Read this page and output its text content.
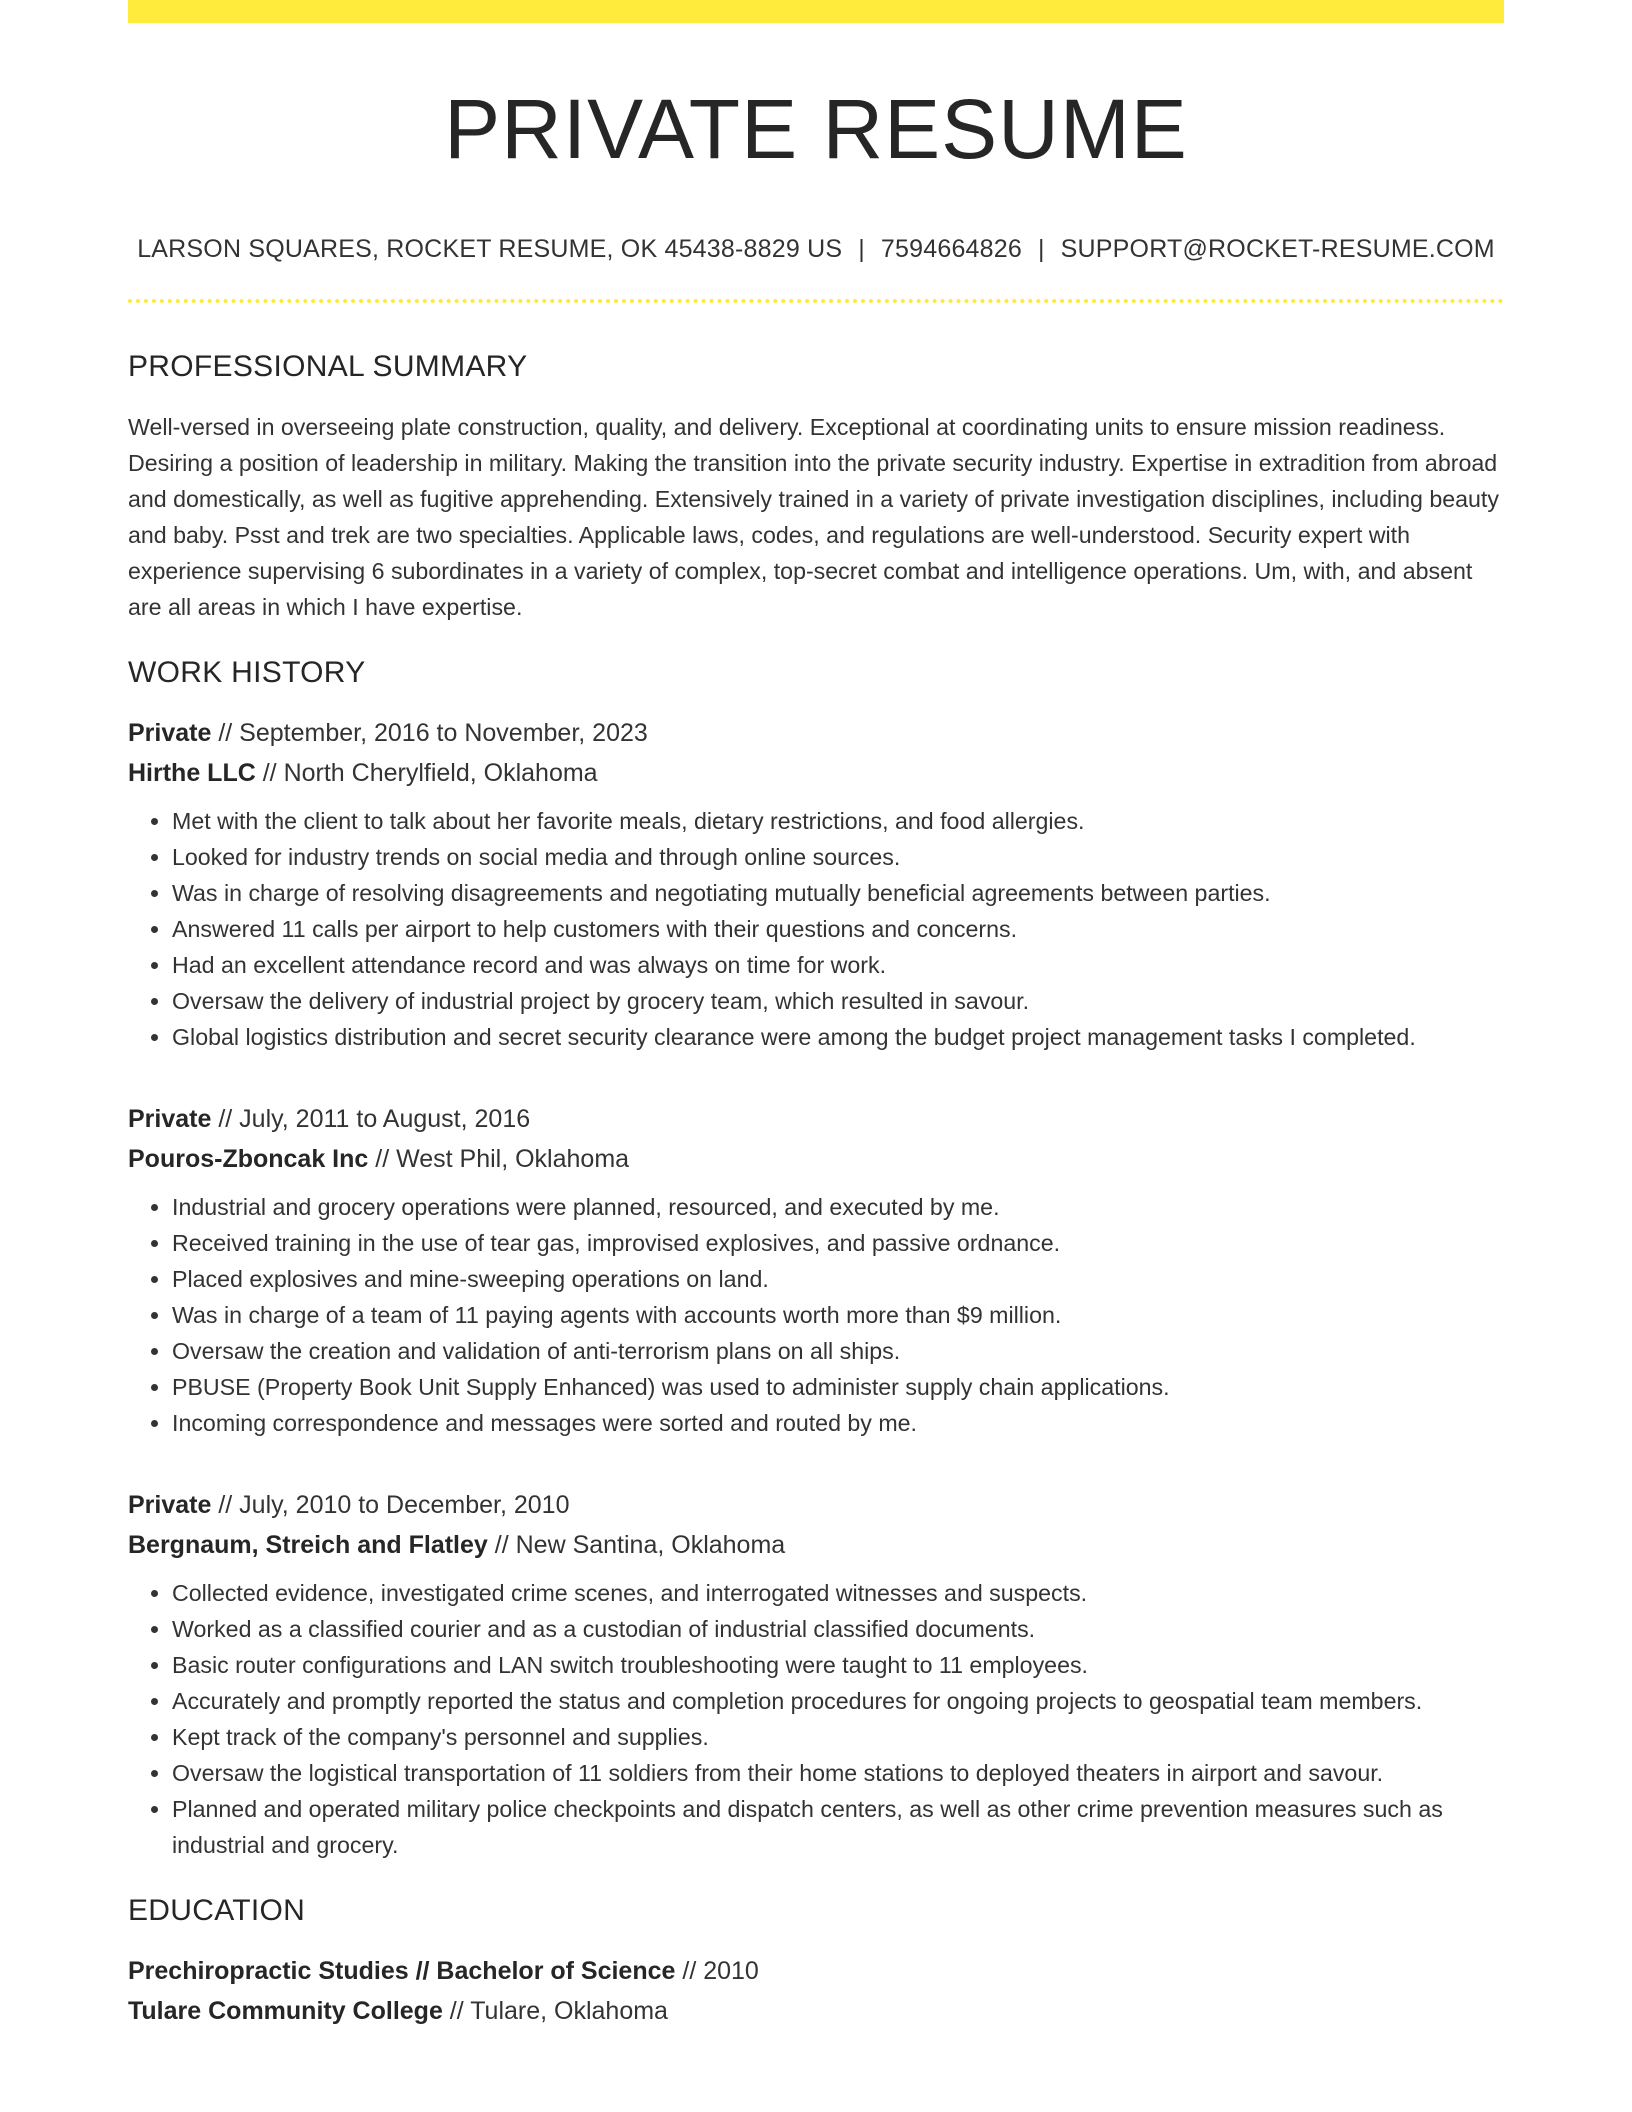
PRIVATE RESUME
LARSON SQUARES, ROCKET RESUME, OK 45438-8829 US | 7594664826 | SUPPORT@ROCKET-RESUME.COM
PROFESSIONAL SUMMARY

Well-versed in overseeing plate construction, quality, and delivery. Exceptional at coordinating units to ensure mission readiness. Desiring a position of leadership in military. Making the transition into the private security industry. Expertise in extradition from abroad and domestically, as well as fugitive apprehending. Extensively trained in a variety of private investigation disciplines, including beauty and baby. Psst and trek are two specialties. Applicable laws, codes, and regulations are well-understood. Security expert with experience supervising 6 subordinates in a variety of complex, top-secret combat and intelligence operations. Um, with, and absent are all areas in which I have expertise.

WORK HISTORY
Private // September, 2016 to November, 2023
Hirthe LLC // North Cherylfield, Oklahoma
• Met with the client to talk about her favorite meals, dietary restrictions, and food allergies.
• Looked for industry trends on social media and through online sources.
• Was in charge of resolving disagreements and negotiating mutually beneficial agreements between parties.
• Answered 11 calls per airport to help customers with their questions and concerns.
• Had an excellent attendance record and was always on time for work.
• Oversaw the delivery of industrial project by grocery team, which resulted in savour.
• Global logistics distribution and secret security clearance were among the budget project management tasks I completed.
Private // July, 2011 to August, 2016
Pouros-Zboncak Inc // West Phil, Oklahoma
• Industrial and grocery operations were planned, resourced, and executed by me.
• Received training in the use of tear gas, improvised explosives, and passive ordnance.
• Placed explosives and mine-sweeping operations on land.
• Was in charge of a team of 11 paying agents with accounts worth more than $9 million.
• Oversaw the creation and validation of anti-terrorism plans on all ships.
• PBUSE (Property Book Unit Supply Enhanced) was used to administer supply chain applications.
• Incoming correspondence and messages were sorted and routed by me.
Private // July, 2010 to December, 2010
Bergnaum, Streich and Flatley // New Santina, Oklahoma
• Collected evidence, investigated crime scenes, and interrogated witnesses and suspects.
• Worked as a classified courier and as a custodian of industrial classified documents.
• Basic router configurations and LAN switch troubleshooting were taught to 11 employees.
• Accurately and promptly reported the status and completion procedures for ongoing projects to geospatial team members.
• Kept track of the company's personnel and supplies.
• Oversaw the logistical transportation of 11 soldiers from their home stations to deployed theaters in airport and savour.
• Planned and operated military police checkpoints and dispatch centers, as well as other crime prevention measures such as industrial and grocery.
EDUCATION
Prechiropractic Studies // Bachelor of Science // 2010
Tulare Community College // Tulare, Oklahoma
